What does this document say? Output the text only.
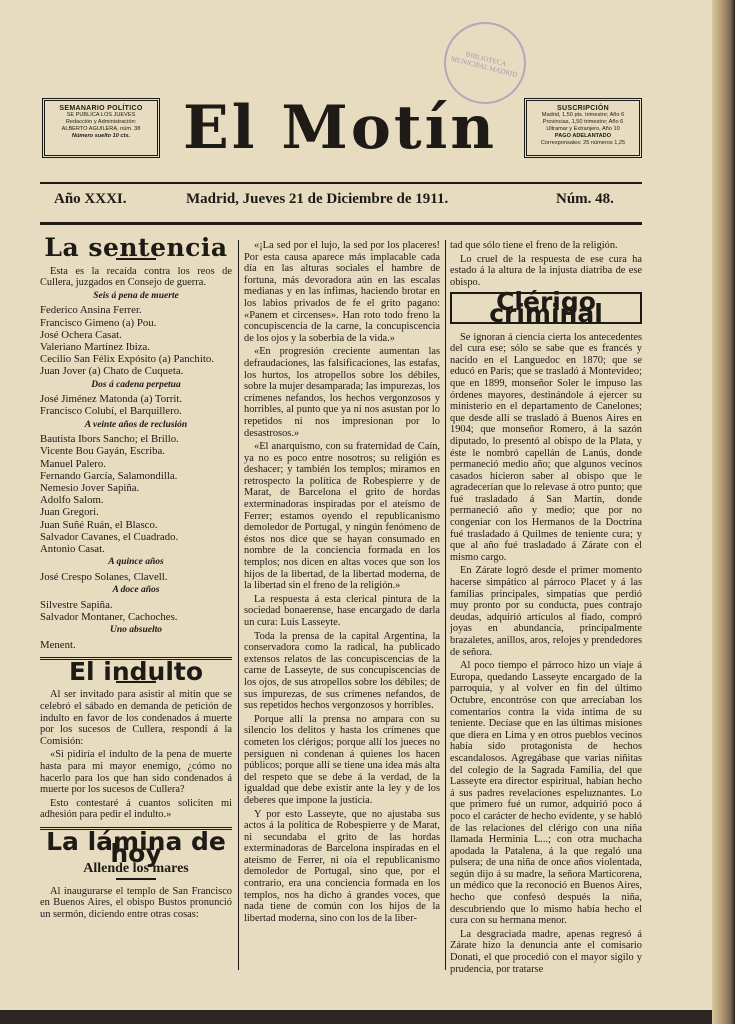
BIBLIOTECA MUNICIPAL MADRID
SEMANARIO POLÍTICO
SE PUBLICA LOS JUEVES
Redacción y Administración:
ALBERTO AGUILERA, núm. 38
Número suelto 10 cts. El Motín	SUSCRIPCIÓN
Madrid, 1,50 pts. trimestre; Año 6
Provincias, 1,50 trimestre; Año 6
Ultramar y Extranjero, Año 10
PAGO ADELANTADO
Corresponsales: 25 números 1,25
Año XXXI.	Madrid, Jueves 21 de Diciembre de 1911.	Núm. 48.
La sentencia

Esta es la recaída contra los reos de Cullera, juzgados en Consejo de guerra.

Seis á pena de muerte
Federico Ansina Ferrer.
Francisco Gimeno (a) Pou.
José Ochera Casat.
Valeriano Martínez Ibiza.
Cecilio San Félix Expósito (a) Panchito.
Juan Jover (a) Chato de Cuqueta.
Dos á cadena perpetua
José Jiménez Matonda (a) Torrit.
Francisco Colubí, el Barquillero.
A veinte años de reclusión
Bautista Ibors Sancho; el Brillo.
Vicente Bou Gayán, Escriba.
Manuel Palero.
Fernando García, Salamondilla.
Nemesio Jover Sapiña.
Adolfo Salom.
Juan Gregori.
Juan Suñé Ruán, el Blasco.
Salvador Cavanes, el Cuadrado.
Antonio Casat.
A quince años
José Crespo Solanes, Clavell.
A doce años
Silvestre Sapiña.
Salvador Montaner, Cachoches.
Uno absuelto
Menent.
El indulto

Al ser invitado para asistir al mitin que se celebró el sábado en demanda de petición de indulto en favor de los condenados á muerte por los sucesos de Cullera, respondí á la Comisión:

«Si pidiría el indulto de la pena de muerte hasta para mi mayor enemigo, ¿cómo no hacerlo para los que han sido condenados á muerte por los sucesos de Cullera?

Esto contestaré á cuantos soliciten mi adhesión para pedir el indulto.»

La lámina de hoy
Allende los mares

Al inaugurarse el templo de San Francisco en Buenos Aires, el obispo Bustos pronunció un sermón, diciendo entre otras cosas:

«¡La sed por el lujo, la sed por los placeres! Por esta causa aparece más implacable cada día en las alturas sociales el hambre de fortuna, más devoradora aún en las escalas medianas y en las ínfimas, haciendo brotar en los labios privados de fe el grito pagano: «Panem et circenses». Han roto todo freno la concupiscencia de la carne, la concupiscencia de los ojos y la soberbia de la vida.»

«En progresión creciente aumentan las defraudaciones, las falsificaciones, las estafas, los hurtos, los atropellos sobre los débiles, sobre la mujer desamparada; las impurezas, los crímenes nefandos, los hechos vergonzosos y horribles, al punto que ya ni nos asustan por lo repetidos ni nos impresionan por lo desastrosos.»

«El anarquismo, con su fraternidad de Caín, ya no es poco entre nosotros; su religión es deshacer; y también los templos; miramos en retrospecto la política de Robespierre y de Marat, de Barcelona el grito de hordas exterminadoras inspiradas por el ateísmo de Ferrer; estamos oyendo el republicanismo demoledor de Portugal, y ningún fenómeno de éstos nos dice que se hayan consumado en nombre de la conciencia formada en los templos; nos dicen en altas voces que son los hijos de la libertad, de la libertad moderna, de la libertad sin el freno de la religión.»

La respuesta á esta clerical pintura de la sociedad bonaerense, hase encargado de darla un cura: Luis Lasseyte.

Toda la prensa de la capital Argentina, la conservadora como la radical, ha publicado extensos relatos de las concupiscencias de la carne de Lasseyte, de sus concupiscencias de los ojos, de sus atropellos sobre los débiles; de sus impurezas, de sus crímenes nefandos, de sus repetidos hechos vergonzosos y horribles.

Porque allí la prensa no ampara con su silencio los delitos y hasta los crímenes que cometen los clérigos; porque allí los jueces no persiguen ni condenan á quienes los hacen públicos; porque allí se tiene una idea más alta del respeto que se debe á la verdad, de la igualdad que debe existir ante la ley y de los deberes que impone la justicia.

Y por esto Lasseyte, que no ajustaba sus actos á la política de Robespierre y de Marat, ni secundaba el grito de las hordas exterminadoras de Barcelona inspiradas en el ateísmo de Ferrer, ni oía el republicanismo demoledor de Portugal, sino que, por el contrario, era una conciencia formada en los templos, nos ha dicho á grandes voces, que nada tiene de común con los hijos de la libertad moderna, sino con los de la liber-

tad que sólo tiene el freno de la religión.

Lo cruel de la respuesta de ese cura ha estado á la altura de la injusta diatriba de ese obispo.

Clérigo criminal

Se ignoran á ciencia cierta los antecedentes del cura ese; sólo se sabe que es francés y nacido en el Languedoc en 1870; que se educó en París; que se trasladó á Montevideo; que en 1899, monseñor Soler le impuso las órdenes mayores, destinándole á ejercer su ministerio en el departamento de Canelones; que desde allí se trasladó á Buenos Aires en 1904; que monseñor Romero, á la sazón diputado, lo presentó al obispo de la Plata, y éste le nombró capellán de Lanús, donde permaneció medio año; que algunos vecinos casados hicieron saber al obispo que le agradecerían que lo relevase á otro punto; que fué trasladado á San Martín, donde permaneció año y medio; que por no congeniar con los Hermanos de la Doctrina fué trasladado á Quilmes de teniente cura; y que al año fué trasladado á Zárate con el mismo cargo.

En Zárate logró desde el primer momento hacerse simpático al párroco Placet y á las familias principales, simpatías que perdió muy pronto por su conducta, pues contrajo deudas, adquirió artículos al fiado, compró joyas en abundancia, principalmente brazaletes, anillos, aros, relojes y prendedores de señora.

Al poco tiempo el párroco hizo un viaje á Europa, quedando Lasseyte encargado de la parroquia, y al volver en fin del último Octubre, encontróse con que arreciaban los comentarios contra la vida íntima de su teniente. Decíase que en las últimas misiones que diera en Lima y en otros pueblos vecinos había sido protagonista de hechos escandalosos. Agregábase que varias niñitas del colegio de la Sagrada Familia, del que Lasseyte era director espiritual, habían hecho á sus padres revelaciones espeluznantes. Lo que primero fué un rumor, adquirió poco á poco el carácter de hecho evidente, y se habló de las relaciones del clérigo con una niña llamada Herminia L...; con otra muchacha apodada la Patalena, á la que regaló una pulsera; de una niña de once años violentada, según dijo á su madre, la señora Marticorena, un médico que la reconoció en Buenos Aires, hecho que confesó después la niña, descubriendo que lo mismo había hecho el cura con su hermana menor.

La desgraciada madre, apenas regresó á Zárate hizo la denuncia ante el comisario Donati, el que procedió con el mayor sigilo y prudencia, por tratarse
